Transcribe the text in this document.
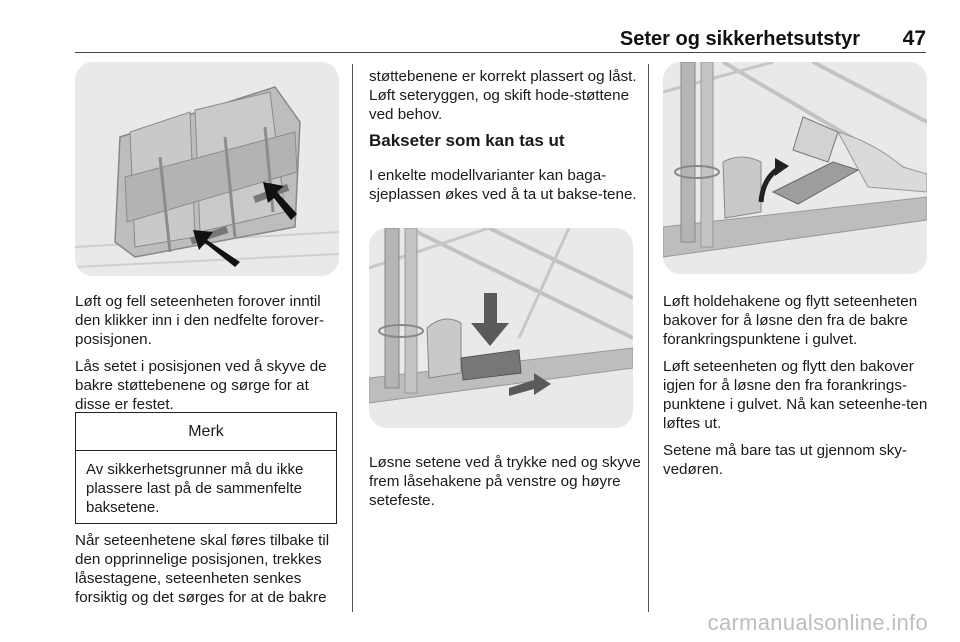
Seter og sikkerhetsutstyr	47

Løft og fell seteenheten forover inntil den klikker inn i den nedfelte forover-posisjonen.

Lås setet i posisjonen ved å skyve de bakre støttebenene og sørge for at disse er festet.

Merk
Av sikkerhetsgrunner må du ikke plassere last på de sammenfelte baksetene.

Når seteenhetene skal føres tilbake til den opprinnelige posisjonen, trekkes låsestagene, seteenheten senkes forsiktig og det sørges for at de bakre

støttebenene er korrekt plassert og låst. Løft seteryggen, og skift hode-støttene ved behov.

Bakseter som kan tas ut

I enkelte modellvarianter kan baga-sjeplassen økes ved å ta ut bakse-tene.

Løsne setene ved å trykke ned og skyve frem låsehakene på venstre og høyre setefeste.

Løft holdehakene og flytt seteenheten bakover for å løsne den fra de bakre forankringspunktene i gulvet.

Løft seteenheten og flytt den bakover igjen for å løsne den fra forankrings-punktene i gulvet. Nå kan seteenhe-ten løftes ut.

Setene må bare tas ut gjennom sky-vedøren.

carmanualsonline.info
